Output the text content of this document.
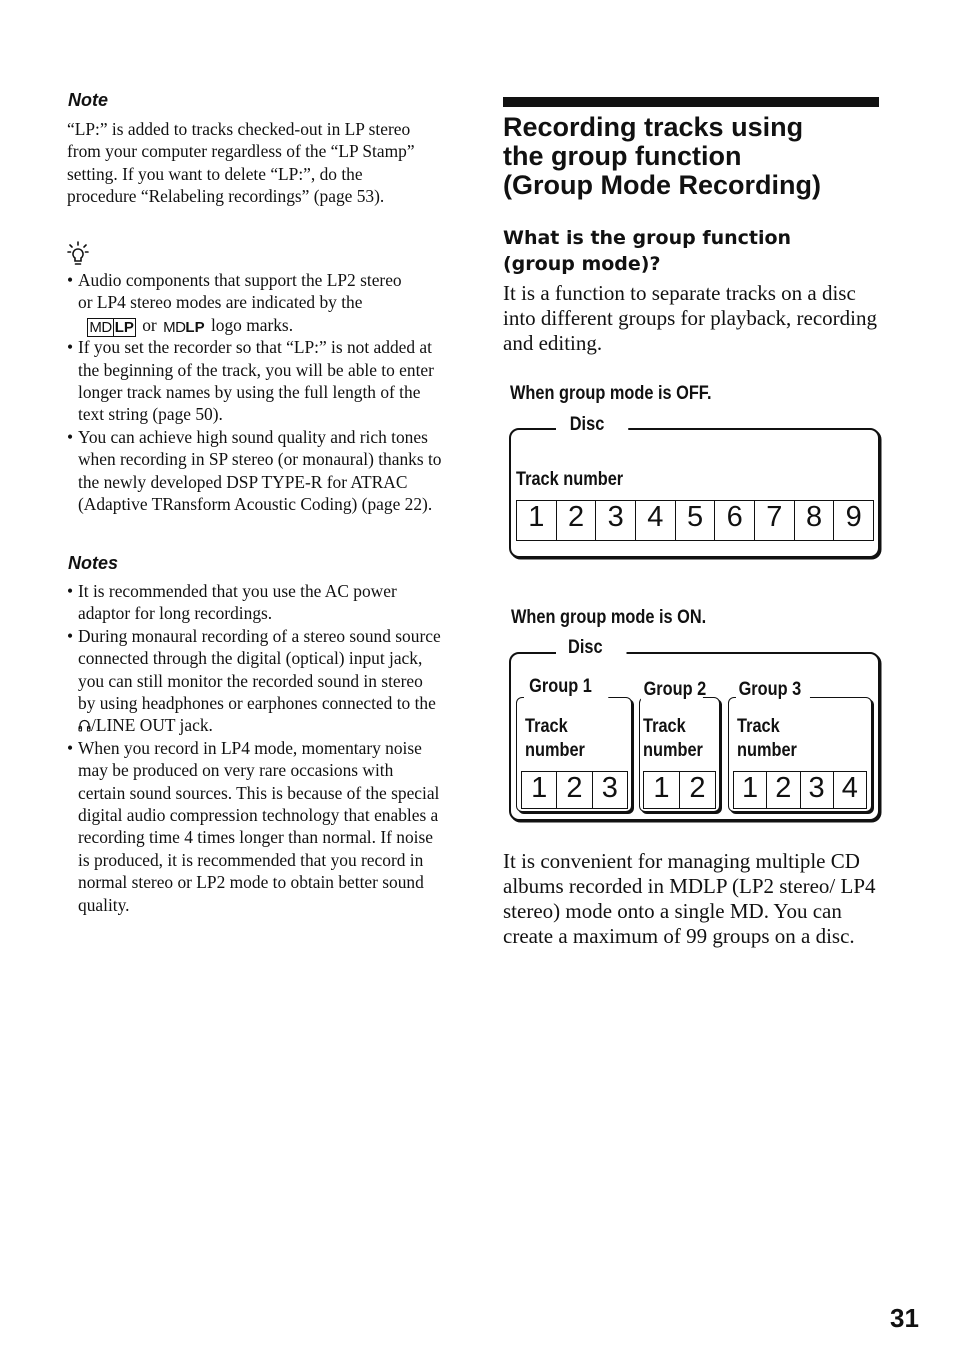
Note
“LP:” is added to tracks checked-out in LP stereo from your computer regardless of the “LP Stamp” setting. If you want to delete “LP:”, do the procedure “Relabeling recordings” (page 53).
• Audio components that support the LP2 stereo
or LP4 stereo modes are indicated by the
MD LP or MDLP logo marks.
• If you set the recorder so that “LP:” is not added at the beginning of the track, you will be able to enter longer track names by using the full length of the text string (page 50).
• You can achieve high sound quality and rich tones when recording in SP stereo (or monaural) thanks to the newly developed DSP TYPE-R for ATRAC (Adaptive TRansform Acoustic Coding) (page 22).
Notes
• It is recommended that you use the AC power adaptor for long recordings.
• During monaural recording of a stereo sound source connected through the digital (optical) input jack, you can still monitor the recorded sound in stereo by using headphones or earphones connected to the /LINE OUT jack.
• When you record in LP4 mode, momentary noise may be produced on very rare occasions with certain sound sources. This is because of the special digital audio compression technology that enables a recording time 4 times longer than normal. If noise is produced, it is recommended that you record in normal stereo or LP2 mode to obtain better sound quality.
Recording tracks using
the group function
(Group Mode Recording)
What is the group function
(group mode)?
It is a function to separate tracks on a disc into different groups for playback, recording and editing.
When group mode is OFF.
Disc
Track number
1 2 3 4 5 6 7 8 9
When group mode is ON.
Disc
Group 1
Track
number
1 2 3
Group 2
Track
number
1 2
Group 3
Track
number
1 2 3 4
It is convenient for managing multiple CD albums recorded in MDLP (LP2 stereo/ LP4 stereo) mode onto a single MD. You can create a maximum of 99 groups on a disc.
31
